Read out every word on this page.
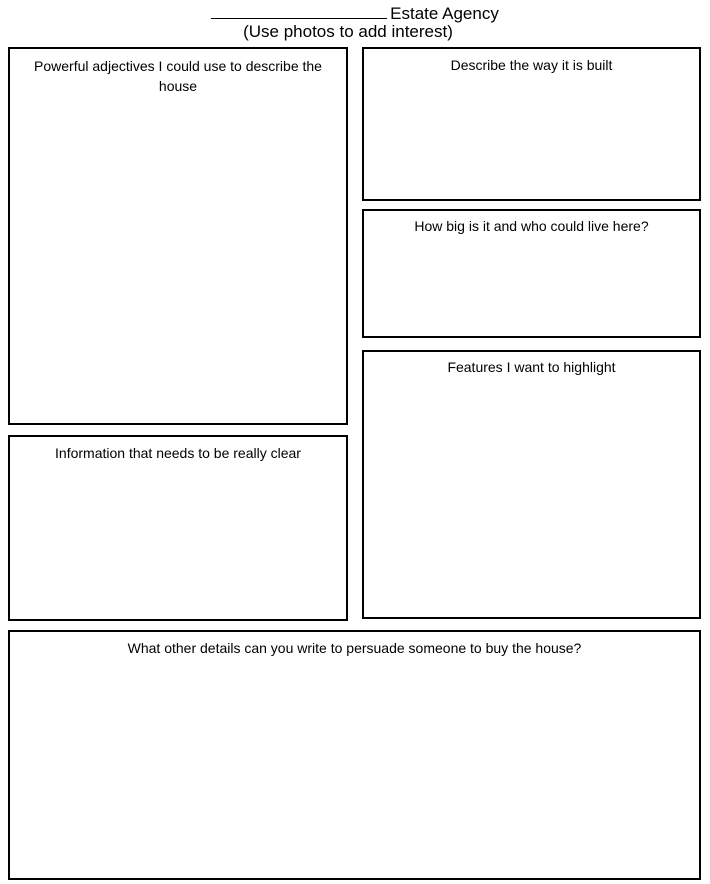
Estate Agency
(Use photos to add interest)
Powerful adjectives I could use to describe the house
Describe the way it is built
How big is it and who could live here?
Features I want to highlight
Information that needs to be really clear
What other details can you write to persuade someone to buy the house?
